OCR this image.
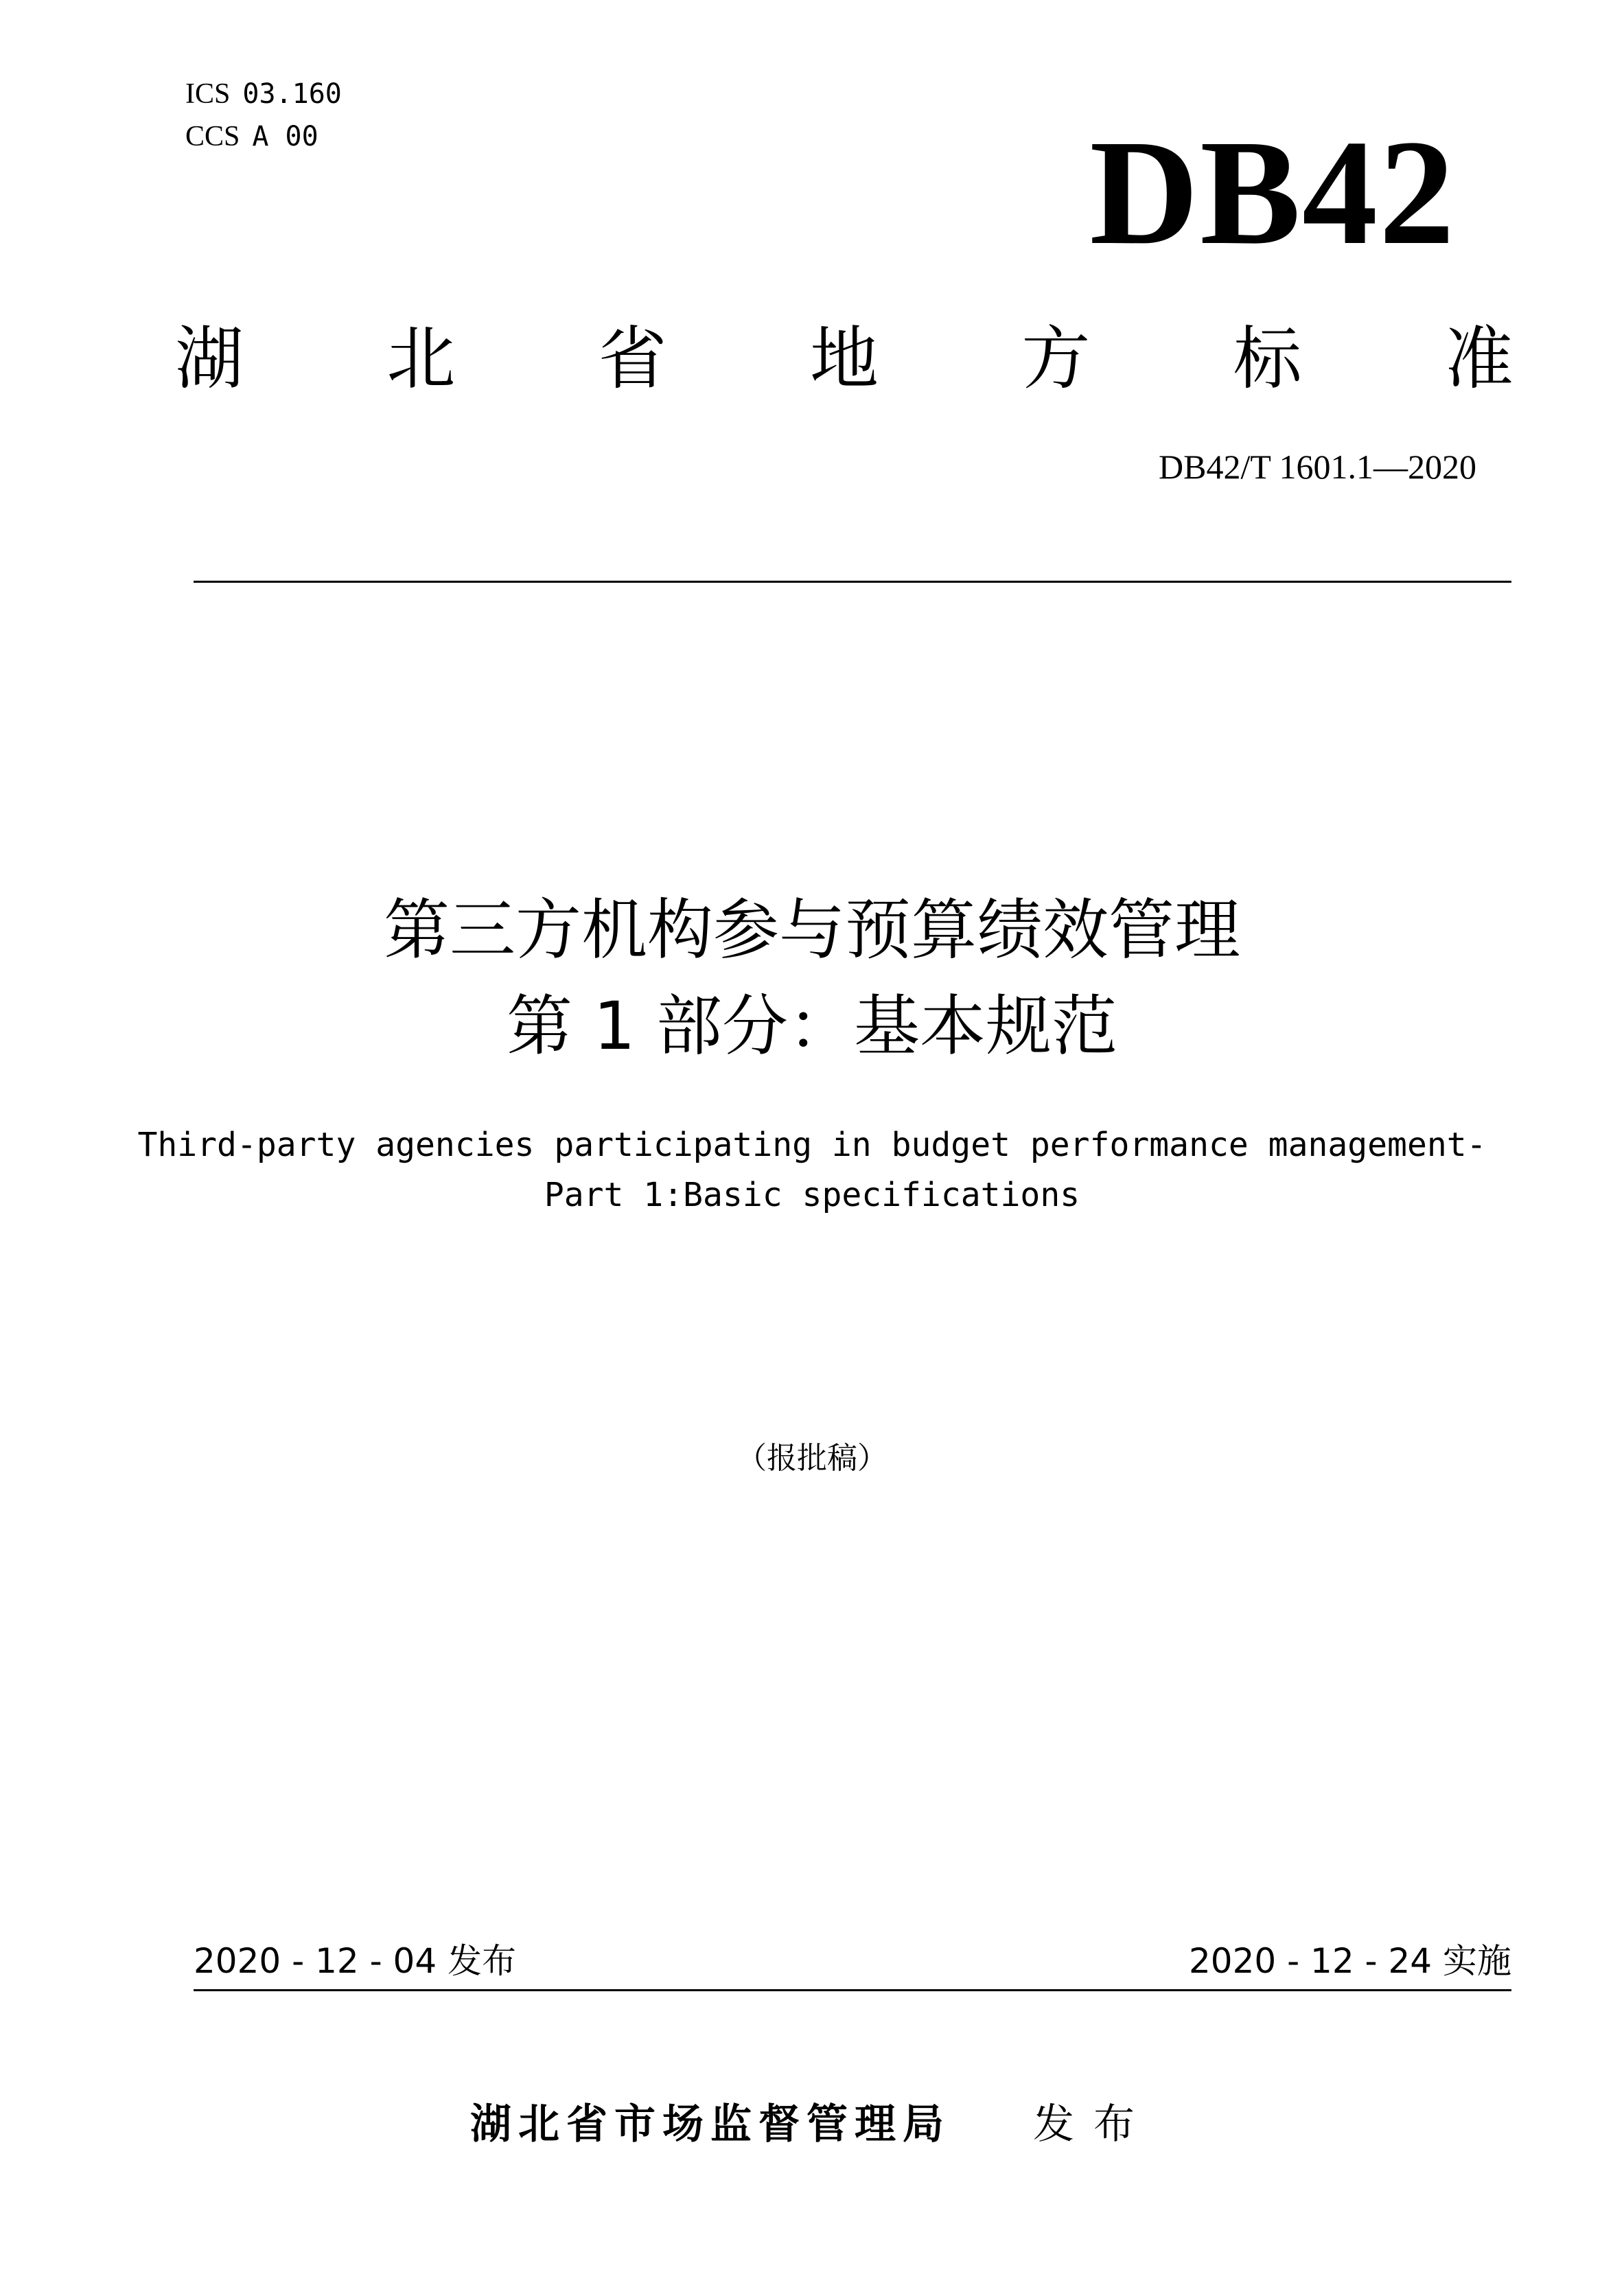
ICS 03.160
CCS A 00	DB42
湖 北 省 地 方 标 准
DB42/T 1601.1—2020
第三方机构参与预算绩效管理
第 1 部分：基本规范
Third-party agencies participating in budget performance management-
Part 1:Basic specifications
（报批稿）
2020 - 12 - 04 发布	2020 - 12 - 24 实施
湖北省市场监督管理局 发布
